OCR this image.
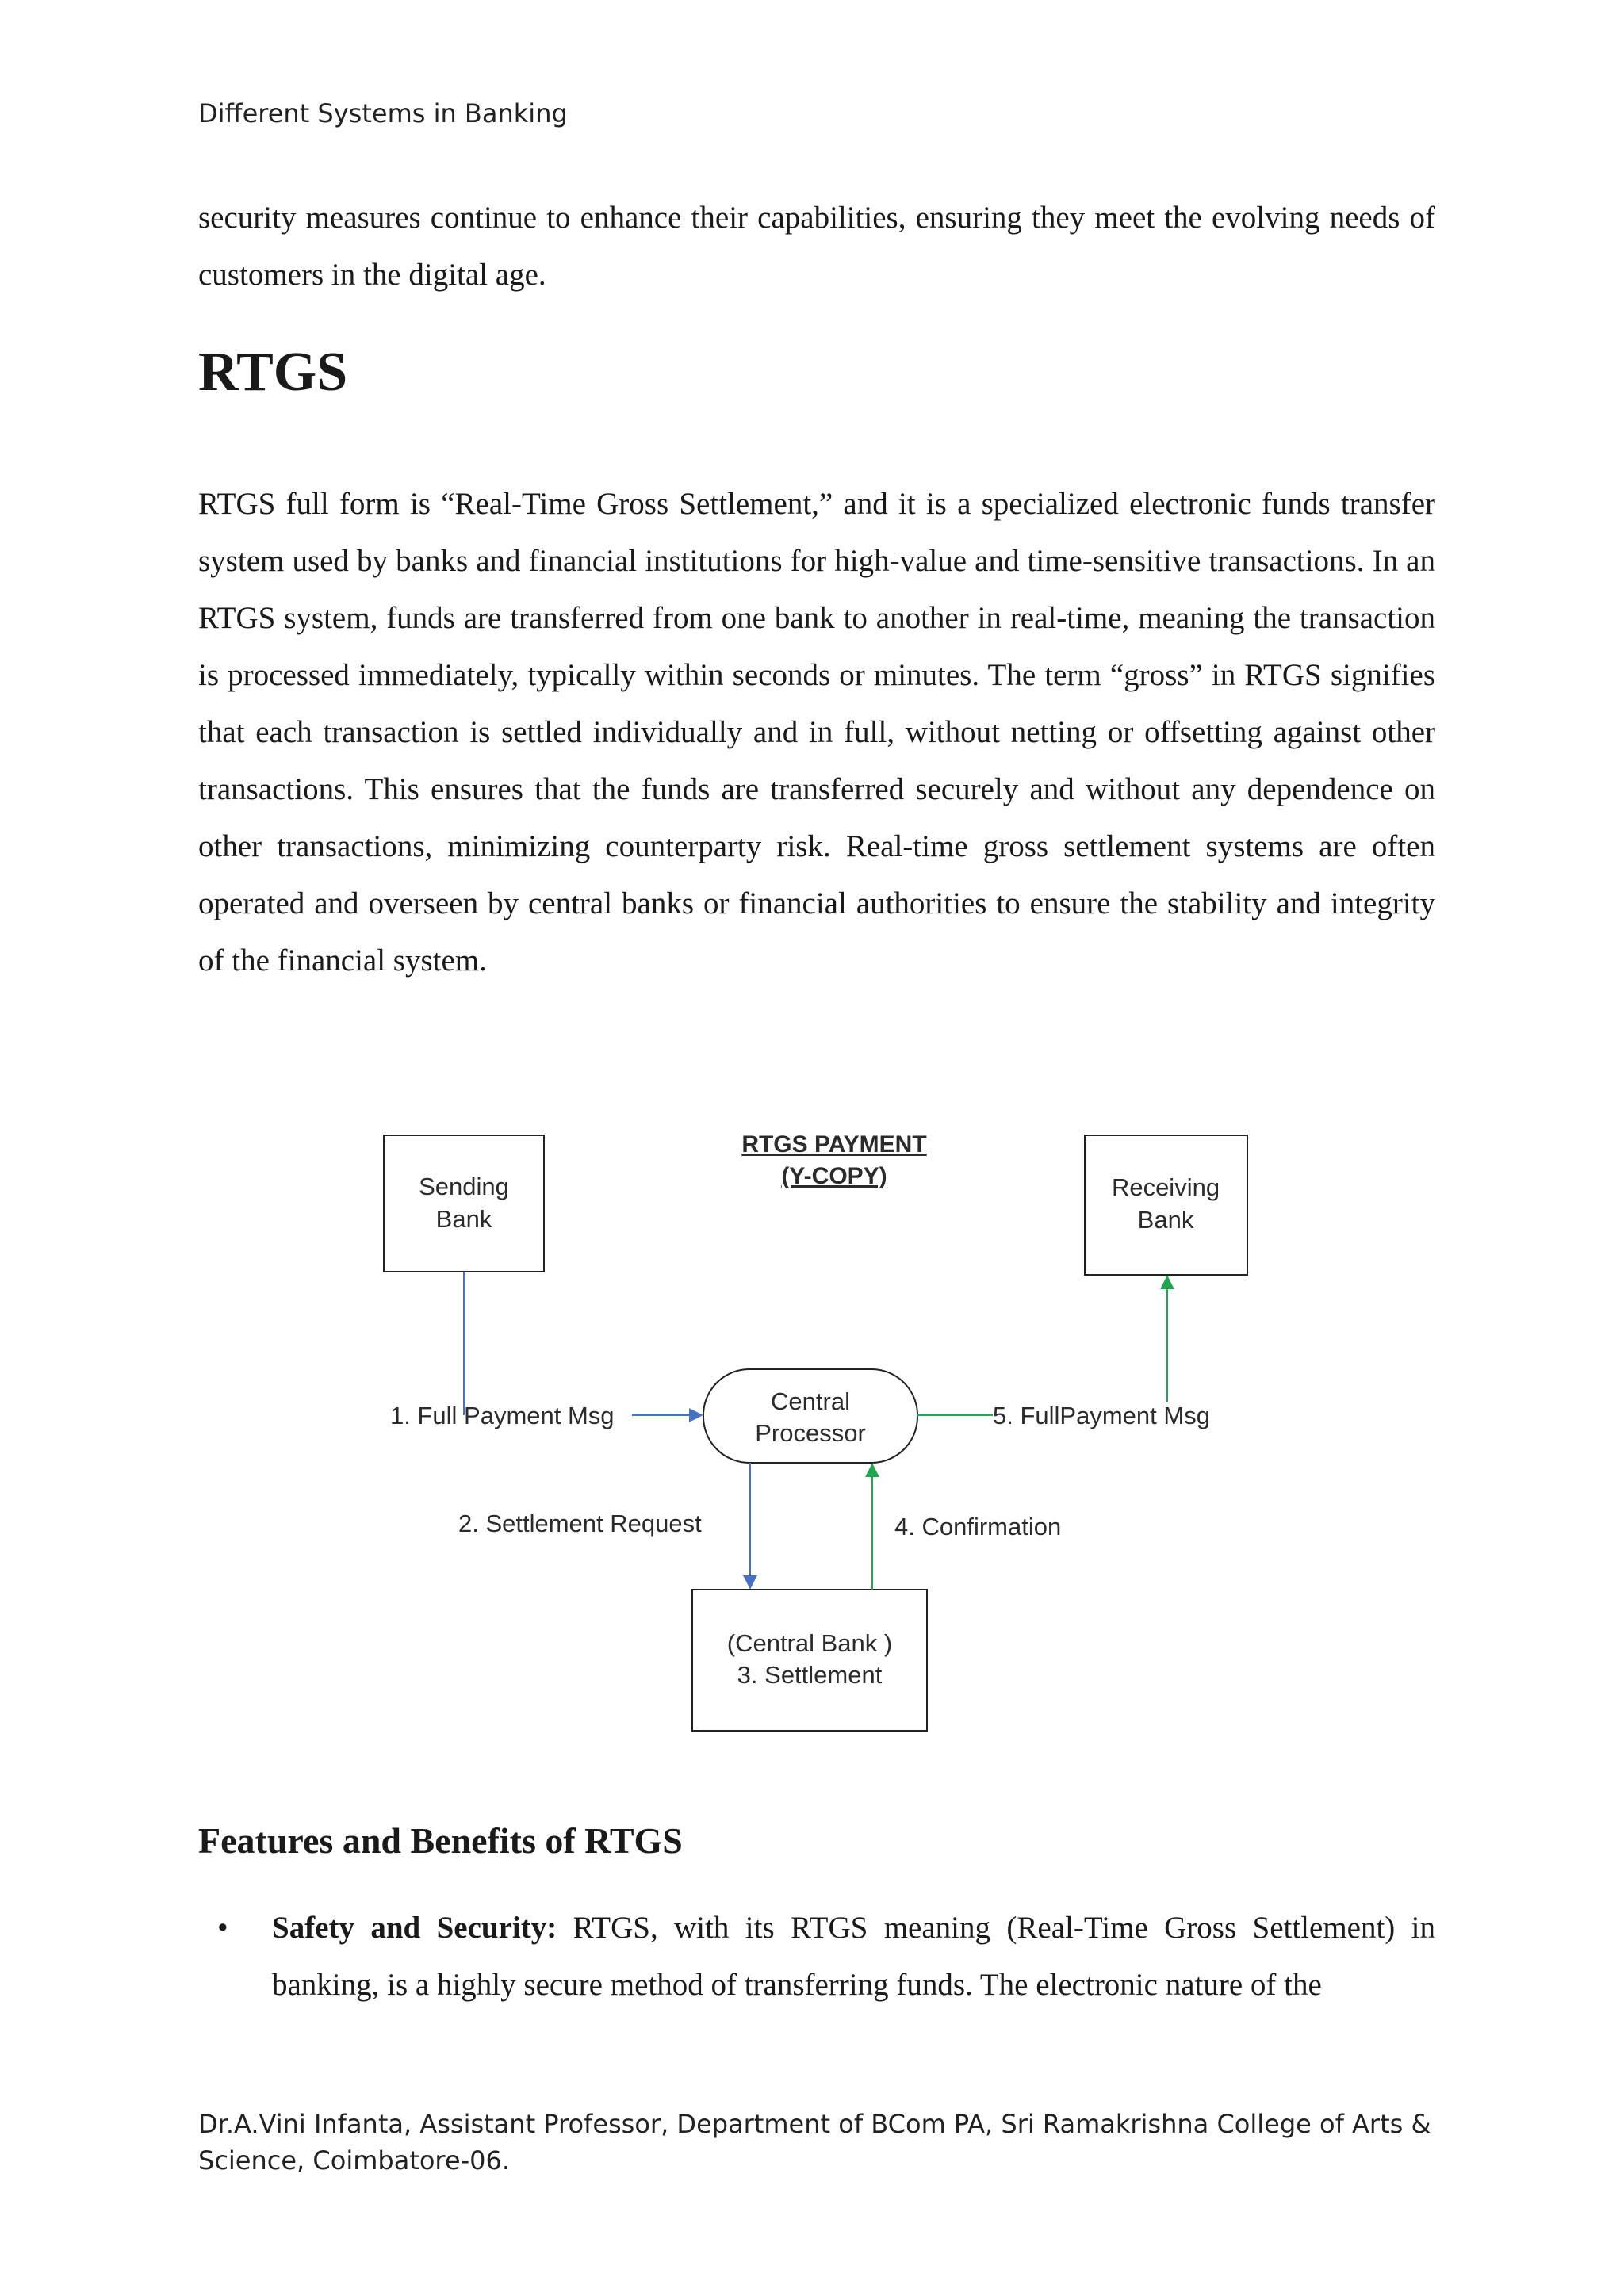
Different Systems in Banking

security measures continue to enhance their capabilities, ensuring they meet the evolving needs of customers in the digital age.

RTGS

RTGS full form is “Real-Time Gross Settlement,” and it is a specialized electronic funds transfer system used by banks and financial institutions for high-value and time-sensitive transactions. In an RTGS system, funds are transferred from one bank to another in real-time, meaning the transaction is processed immediately, typically within seconds or minutes. The term “gross” in RTGS signifies that each transaction is settled individually and in full, without netting or offsetting against other transactions. This ensures that the funds are transferred securely and without any dependence on other transactions, minimizing counterparty risk. Real-time gross settlement systems are often operated and overseen by central banks or financial authorities to ensure the stability and integrity of the financial system.

RTGS PAYMENT
(Y-COPY)
Sending
Bank
Receiving
Bank
Central
Processor
(Central Bank )
3. Settlement
1. Full Payment Msg
2. Settlement Request	4. Confirmation
5. FullPayment Msg
Features and Benefits of RTGS
• Safety and Security: RTGS, with its RTGS meaning (Real-Time Gross Settlement) in banking, is a highly secure method of transferring funds. The electronic nature of the
Dr.A.Vini Infanta, Assistant Professor, Department of BCom PA, Sri Ramakrishna College of Arts & Science, Coimbatore-06.
